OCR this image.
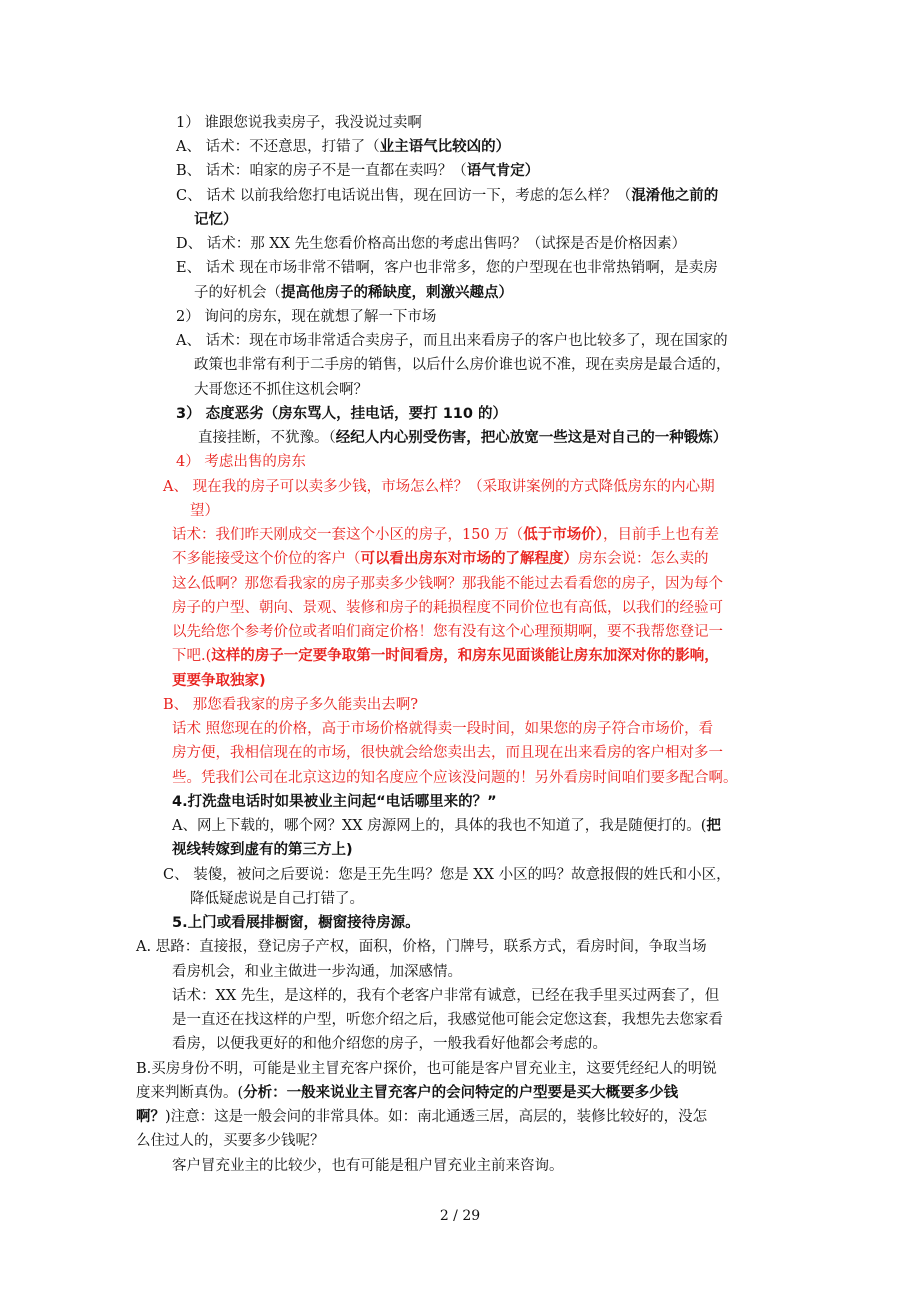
1） 谁跟您说我卖房子，我没说过卖啊
A、 话术：不还意思，打错了（业主语气比较凶的）
B、 话术：咱家的房子不是一直都在卖吗？（语气肯定）
C、 话术 以前我给您打电话说出售，现在回访一下，考虑的怎么样？（混淆他之前的
记忆）
D、 话术：那 XX 先生您看价格高出您的考虑出售吗？（试探是否是价格因素）
E、 话术 现在市场非常不错啊，客户也非常多，您的户型现在也非常热销啊，是卖房
子的好机会（提高他房子的稀缺度，刺激兴趣点）
2） 询问的房东，现在就想了解一下市场
A、 话术：现在市场非常适合卖房子，而且出来看房子的客户也比较多了，现在国家的
政策也非常有利于二手房的销售，以后什么房价谁也说不准，现在卖房是最合适的，
大哥您还不抓住这机会啊？
3） 态度恶劣（房东骂人，挂电话，要打 110 的）
直接挂断，不犹豫。（经纪人内心别受伤害，把心放宽一些这是对自己的一种锻炼）
4） 考虑出售的房东
A、 现在我的房子可以卖多少钱，市场怎么样？（采取讲案例的方式降低房东的内心期
望）
话术：我们昨天刚成交一套这个小区的房子，150 万（低于市场价），目前手上也有差
不多能接受这个价位的客户（可以看出房东对市场的了解程度）房东会说：怎么卖的
这么低啊？那您看我家的房子那卖多少钱啊？那我能不能过去看看您的房子，因为每个
房子的户型、朝向、景观、装修和房子的耗损程度不同价位也有高低，以我们的经验可
以先给您个参考价位或者咱们商定价格！您有没有这个心理预期啊，要不我帮您登记一
下吧.(这样的房子一定要争取第一时间看房，和房东见面谈能让房东加深对你的影响，
更要争取独家)
B、 那您看我家的房子多久能卖出去啊?
话术 照您现在的价格，高于市场价格就得卖一段时间，如果您的房子符合市场价，看
房方便，我相信现在的市场，很快就会给您卖出去，而且现在出来看房的客户相对多一
些。凭我们公司在北京这边的知名度应个应该没问题的！另外看房时间咱们要多配合啊。
4.打洗盘电话时如果被业主问起“电话哪里来的？”
A、网上下载的，哪个网？XX 房源网上的，具体的我也不知道了，我是随便打的。(把
视线转嫁到虚有的第三方上)
C、 装傻，被问之后要说：您是王先生吗？您是 XX 小区的吗？故意报假的姓氏和小区，
降低疑虑说是自己打错了。
5.上门或看展排橱窗，橱窗接待房源。
A. 思路：直接报，登记房子产权，面积，价格，门牌号，联系方式，看房时间，争取当场
看房机会，和业主做进一步沟通，加深感情。
话术：XX 先生，是这样的，我有个老客户非常有诚意，已经在我手里买过两套了，但
是一直还在找这样的户型，听您介绍之后，我感觉他可能会定您这套，我想先去您家看
看房，以便我更好的和他介绍您的房子，一般我看好他都会考虑的。
B.买房身份不明，可能是业主冒充客户探价，也可能是客户冒充业主，这要凭经纪人的明锐
度来判断真伪。(分析：一般来说业主冒充客户的会问特定的户型要是买大概要多少钱
啊？)注意：这是一般会问的非常具体。如：南北通透三居，高层的，装修比较好的，没怎
么住过人的，买要多少钱呢？
客户冒充业主的比较少，也有可能是租户冒充业主前来咨询。
2 / 29
